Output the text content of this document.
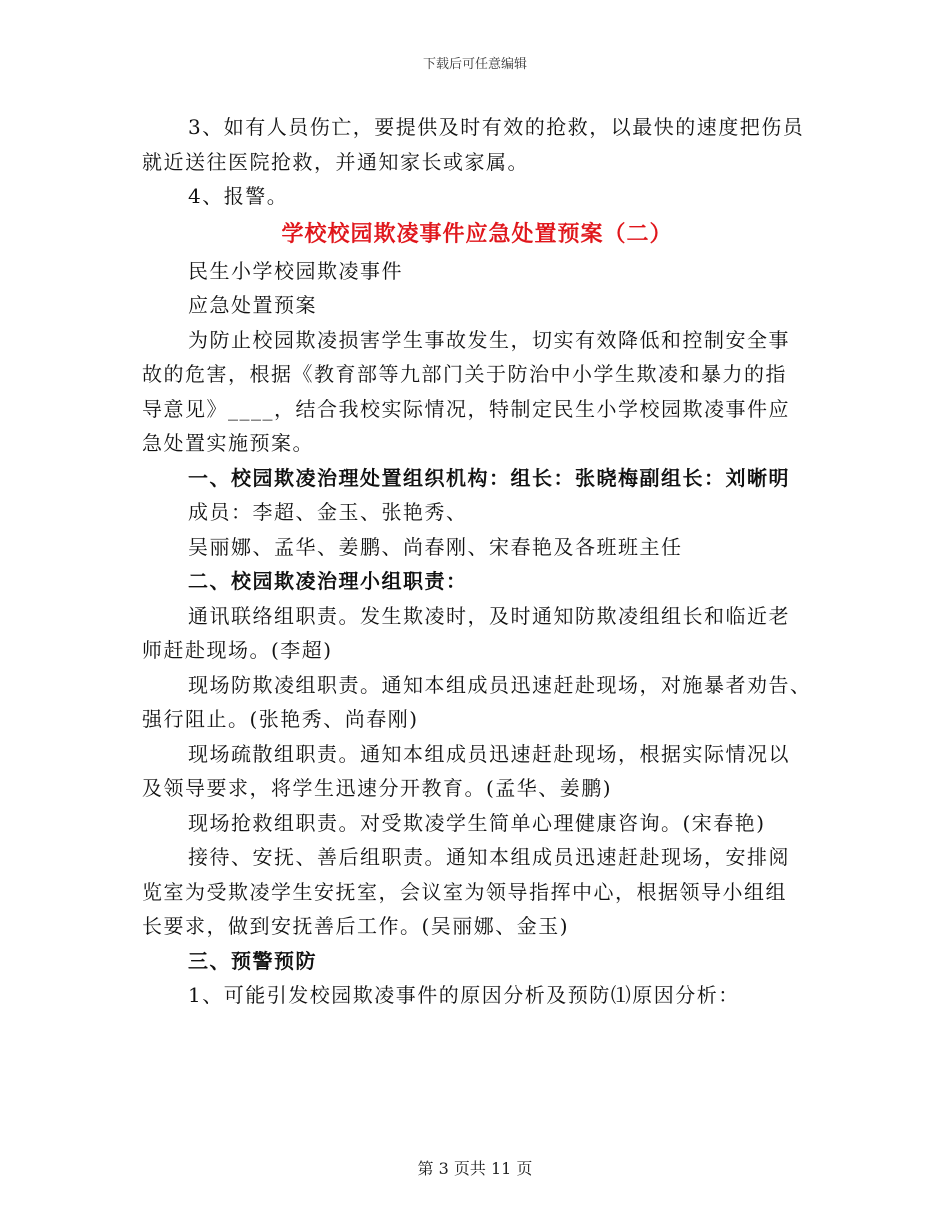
下载后可任意编辑
3、如有人员伤亡，要提供及时有效的抢救，以最快的速度把伤员
就近送往医院抢救，并通知家长或家属。
4、报警。
学校校园欺凌事件应急处置预案（二）
民生小学校园欺凌事件
应急处置预案
为防止校园欺凌损害学生事故发生，切实有效降低和控制安全事
故的危害，根据《教育部等九部门关于防治中小学生欺凌和暴力的指
导意见》____，结合我校实际情况，特制定民生小学校园欺凌事件应
急处置实施预案。
一、校园欺凌治理处置组织机构：组长：张晓梅副组长：刘晰明
成员：李超、金玉、张艳秀、
吴丽娜、孟华、姜鹏、尚春刚、宋春艳及各班班主任
二、校园欺凌治理小组职责：
通讯联络组职责。发生欺凌时，及时通知防欺凌组组长和临近老
师赶赴现场。(李超)
现场防欺凌组职责。通知本组成员迅速赶赴现场，对施暴者劝告、
强行阻止。(张艳秀、尚春刚)
现场疏散组职责。通知本组成员迅速赶赴现场，根据实际情况以
及领导要求，将学生迅速分开教育。(孟华、姜鹏)
现场抢救组职责。对受欺凌学生简单心理健康咨询。(宋春艳)
接待、安抚、善后组职责。通知本组成员迅速赶赴现场，安排阅
览室为受欺凌学生安抚室，会议室为领导指挥中心，根据领导小组组
长要求，做到安抚善后工作。(吴丽娜、金玉)
三、预警预防
1、可能引发校园欺凌事件的原因分析及预防⑴原因分析：
第 3 页共 11 页
